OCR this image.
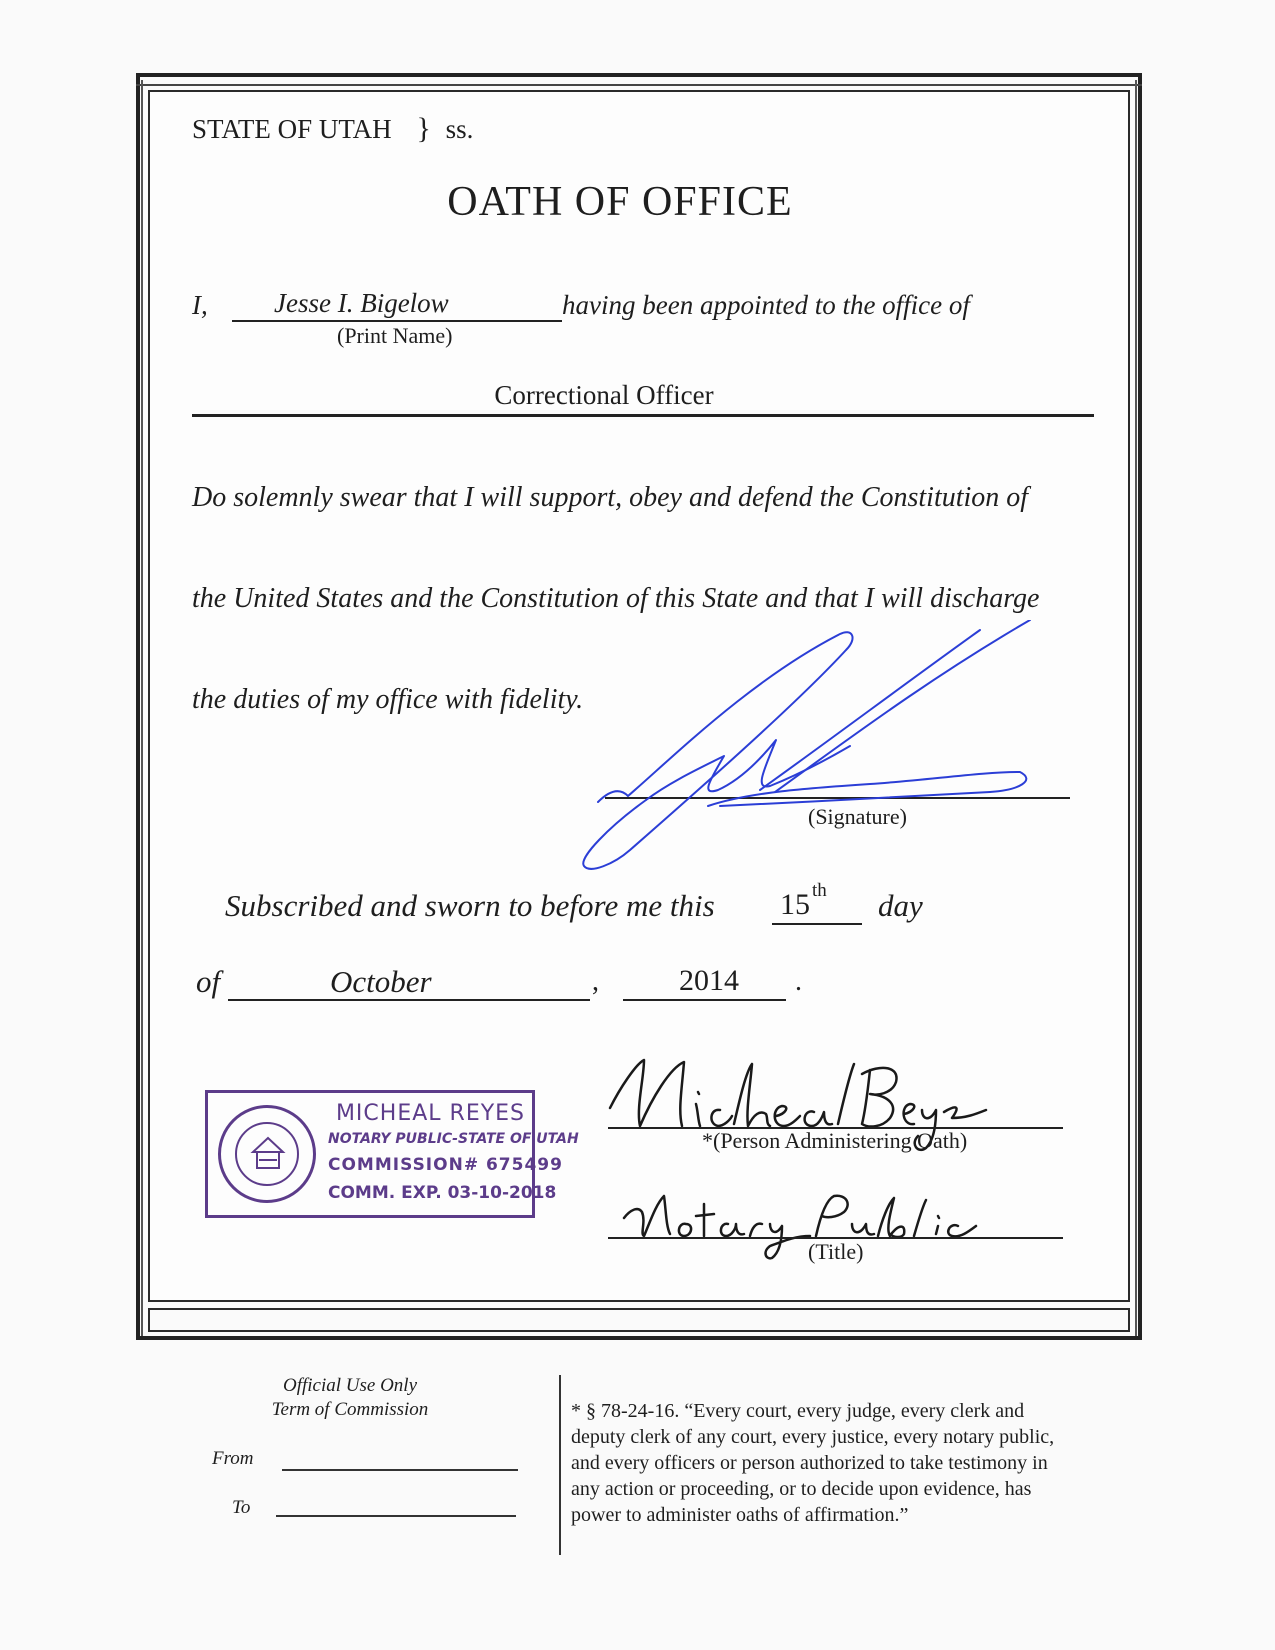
STATE OF UTAH } ss.
OATH OF OFFICE
I, Jesse I. Bigelow	having been appointed to the office of
(Print Name)
Correctional Officer
Do solemnly swear that I will support, obey and defend the Constitution of
the United States and the Constitution of this State and that I will discharge
the duties of my office with fidelity.
(Signature)
Subscribed and sworn to before me this 15 th day
of	October	,	2014 .
MICHEAL REYES
NOTARY PUBLIC-STATE OF UTAH
COMMISSION# 675499
COMM. EXP. 03-10-2018
*(Person Administering Oath)
(Title)
Official Use Only
Term of Commission
From
To
* § 78-24-16. “Every court, every judge, every clerk and
deputy clerk of any court, every justice, every notary public,
and every officers or person authorized to take testimony in
any action or proceeding, or to decide upon evidence, has
power to administer oaths of affirmation.”
